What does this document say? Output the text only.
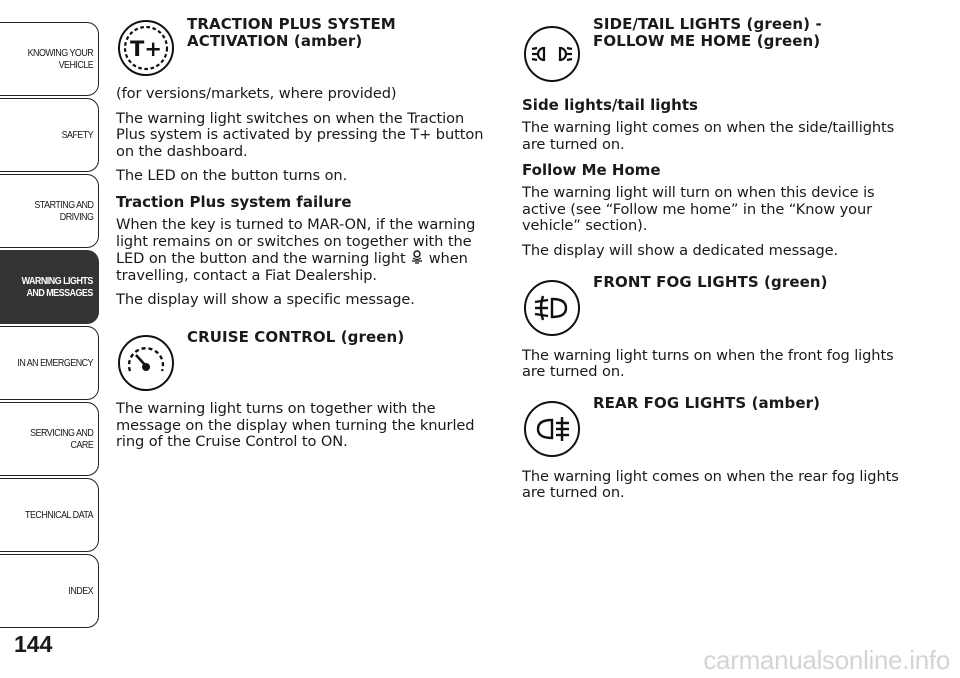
KNOWING YOUR
VEHICLE
SAFETY
STARTING AND
DRIVING
WARNING LIGHTS
AND MESSAGES
IN AN EMERGENCY
SERVICING AND
CARE
TECHNICAL DATA
INDEX
144
carmanualsonline.info
T+
TRACTION PLUS SYSTEM
ACTIVATION (amber)

(for versions/markets, where provided)

The warning light switches on when the Traction Plus system is activated by pressing the T+ button on the dashboard.

The LED on the button turns on.

Traction Plus system failure

When the key is turned to MAR-ON, if the warning light remains on or switches on together with the LED on the button and the warning light when travelling, contact a Fiat Dealership.

The display will show a specific message.

CRUISE CONTROL (green)

The warning light turns on together with the message on the display when turning the knurled ring of the Cruise Control to ON.

SIDE/TAIL LIGHTS (green) -
FOLLOW ME HOME (green)
Side lights/tail lights

The warning light comes on when the side/taillights are turned on.

Follow Me Home

The warning light will turn on when this device is active (see “Follow me home” in the “Know your vehicle” section).

The display will show a dedicated message.

FRONT FOG LIGHTS (green)

The warning light turns on when the front fog lights are turned on.

REAR FOG LIGHTS (amber)

The warning light comes on when the rear fog lights are turned on.
